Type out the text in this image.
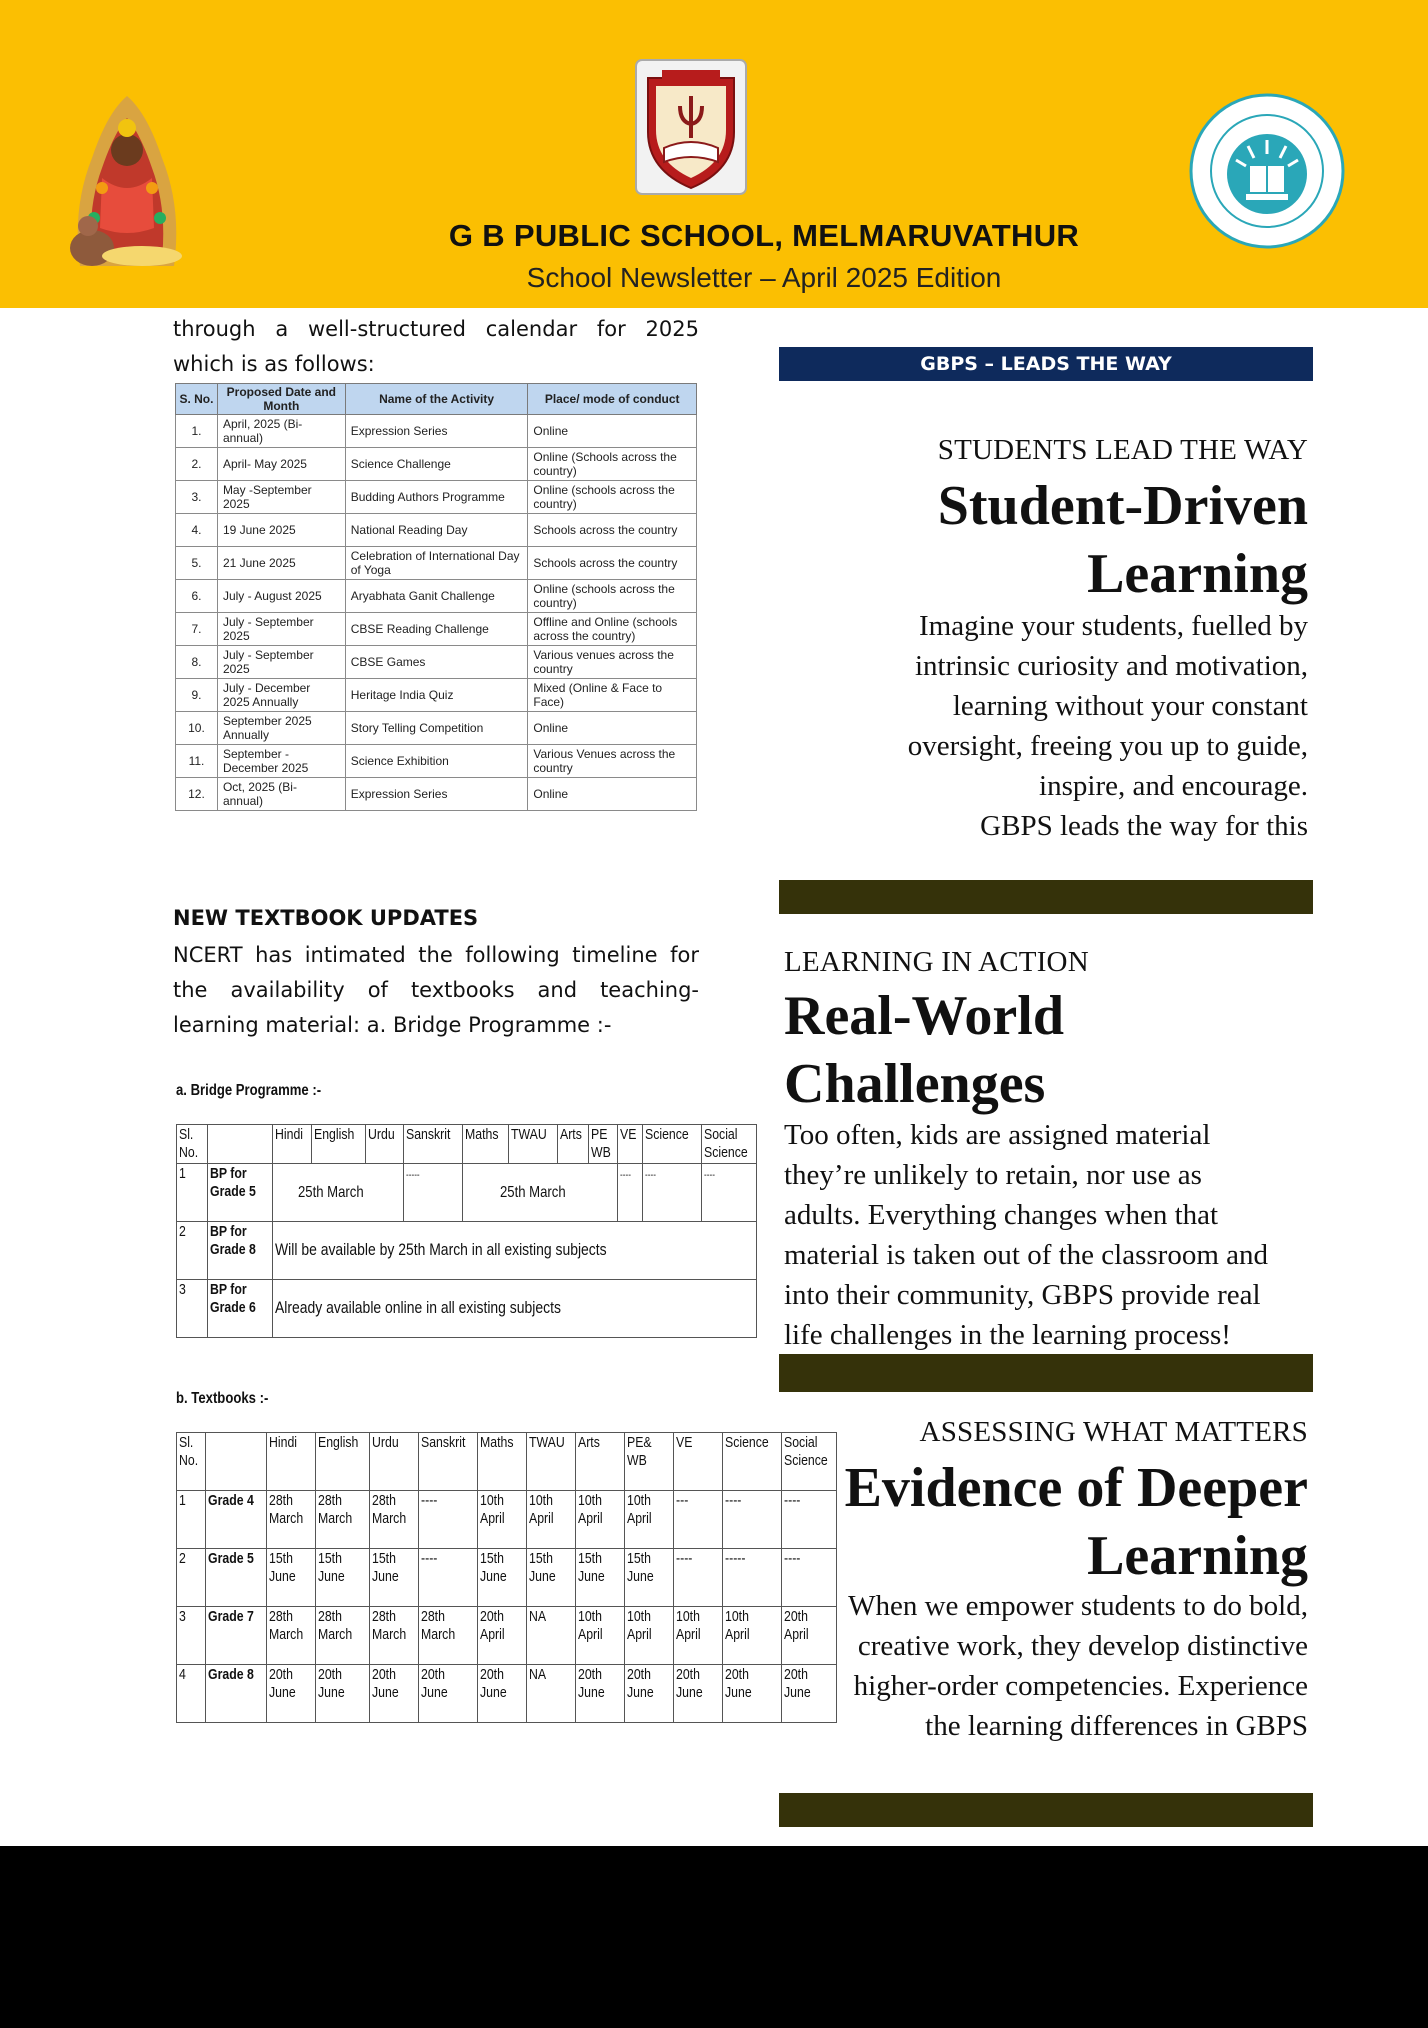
G B PUBLIC SCHOOL, MELMARUVATHUR
School Newsletter – April 2025 Edition
through a well-structured calendar for 2025
which is as follows:
S. No.	Proposed Date and Month	Name of the Activity	Place/ mode of conduct
1.	April, 2025 (Bi- annual)	Expression Series	Online
2.	April- May 2025	Science Challenge	Online (Schools across the country)
3.	May -September 2025	Budding Authors Programme	Online (schools across the country)
4.	19 June 2025	National Reading Day	Schools across the country
5.	21 June 2025	Celebration of International Day of Yoga	Schools across the country
6.	July - August 2025	Aryabhata Ganit Challenge	Online (schools across the country)
7.	July - September 2025	CBSE Reading Challenge	Offline and Online (schools across the country)
8.	July - September 2025	CBSE Games	Various venues across the country
9.	July - December 2025 Annually	Heritage India Quiz	Mixed (Online & Face to Face)
10.	September 2025 Annually	Story Telling Competition	Online
11.	September - December 2025	Science Exhibition	Various Venues across the country
12.	Oct, 2025 (Bi- annual)	Expression Series	Online
NEW TEXTBOOK UPDATES
NCERT has intimated the following timeline for
the availability of textbooks and teaching-
learning material: a. Bridge Programme :-
a. Bridge Programme :-
Sl. No.		Hindi	English	Urdu	Sanskrit	Maths	TWAU	Arts	PE WB	VE	Science	Social Science

1	BP for Grade 5	25th March			-----	25th March				----	----	----
2	BP for Grade 8	Will be available by 25th March in all existing subjects										
3	BP for Grade 6	Already available online in all existing subjects										
b. Textbooks :-
Sl. No.		Hindi	English	Urdu	Sanskrit	Maths	TWAU	Arts	PE& WB	VE	Science	Social Science

1	Grade 4	28th March	28th March	28th March	----	10th April	10th April	10th April	10th April	---	----	----

2	Grade 5	15th June	15th June	15th June	----	15th June	15th June	15th June	15th June	----	-----	----

3	Grade 7	28th March	28th March	28th March	28th March	20th April	NA	10th April	10th April	10th April	10th April	20th April

4	Grade 8	20th June	20th June	20th June	20th June	20th June	NA	20th June	20th June	20th June	20th June	20th June
GBPS – LEADS THE WAY
STUDENTS LEAD THE WAY
Student-Driven
Learning
Imagine your students, fuelled by
intrinsic curiosity and motivation,
learning without your constant
oversight, freeing you up to guide,
inspire, and encourage.
GBPS leads the way for this
LEARNING IN ACTION
Real-World
Challenges
Too often, kids are assigned material
they’re unlikely to retain, nor use as
adults. Everything changes when that
material is taken out of the classroom and
into their community, GBPS provide real
life challenges in the learning process!
ASSESSING WHAT MATTERS
Evidence of Deeper
Learning
When we empower students to do bold,
creative work, they develop distinctive
higher-order competencies. Experience
the learning differences in GBPS
